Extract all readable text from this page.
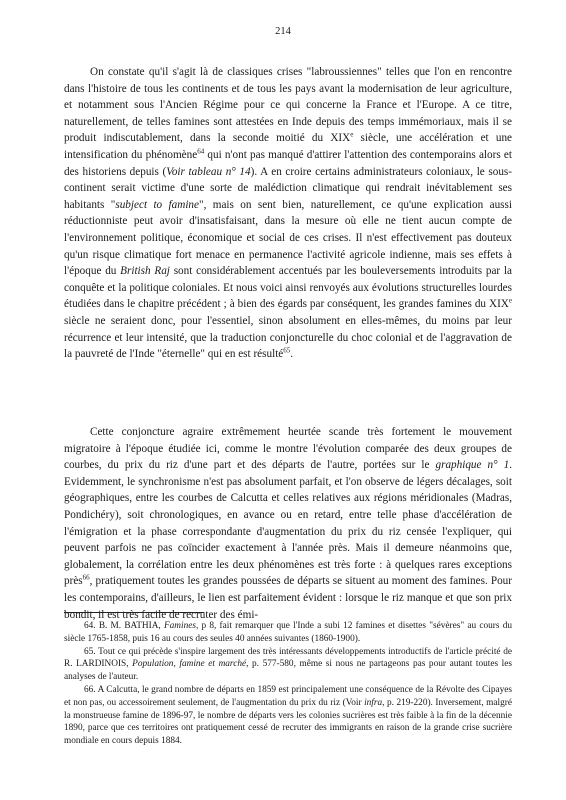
214

On constate qu'il s'agit là de classiques crises "labroussiennes" telles que l'on en rencontre dans l'histoire de tous les continents et de tous les pays avant la modernisation de leur agriculture, et notamment sous l'Ancien Régime pour ce qui concerne la France et l'Europe. A ce titre, naturellement, de telles famines sont attestées en Inde depuis des temps immémoriaux, mais il se produit indiscutablement, dans la seconde moitié du XIXe siècle, une accélération et une intensification du phénomène$^{64}$ qui n'ont pas manqué d'attirer l'attention des contemporains alors et des historiens depuis (Voir tableau n° 14). A en croire certains administrateurs coloniaux, le sous-continent serait victime d'une sorte de malédiction climatique qui rendrait inévitablement ses habitants "subject to famine", mais on sent bien, naturellement, ce qu'une explication aussi réductionniste peut avoir d'insatisfaisant, dans la mesure où elle ne tient aucun compte de l'environnement politique, économique et social de ces crises. Il n'est effectivement pas douteux qu'un risque climatique fort menace en permanence l'activité agricole indienne, mais ses effets à l'époque du British Raj sont considérablement accentués par les bouleversements introduits par la conquête et la politique coloniales. Et nous voici ainsi renvoyés aux évolutions structurelles lourdes étudiées dans le chapitre précédent ; à bien des égards par conséquent, les grandes famines du XIXe siècle ne seraient donc, pour l'essentiel, sinon absolument en elles-mêmes, du moins par leur récurrence et leur intensité, que la traduction conjoncturelle du choc colonial et de l'aggravation de la pauvreté de l'Inde "éternelle" qui en est résulté$^{65}$.

Cette conjoncture agraire extrêmement heurtée scande très fortement le mouvement migratoire à l'époque étudiée ici, comme le montre l'évolution comparée des deux groupes de courbes, du prix du riz d'une part et des départs de l'autre, portées sur le graphique n° 1. Evidemment, le synchronisme n'est pas absolument parfait, et l'on observe de légers décalages, soit géographiques, entre les courbes de Calcutta et celles relatives aux régions méridionales (Madras, Pondichéry), soit chronologiques, en avance ou en retard, entre telle phase d'accélération de l'émigration et la phase correspondante d'augmentation du prix du riz censée l'expliquer, qui peuvent parfois ne pas coïncider exactement à l'année près. Mais il demeure néanmoins que, globalement, la corrélation entre les deux phénomènes est très forte : à quelques rares exceptions près$^{66}$, pratiquement toutes les grandes poussées de départs se situent au moment des famines. Pour les contemporains, d'ailleurs, le lien est parfaitement évident : lorsque le riz manque et que son prix bondit, il est très facile de recruter des émi-

64. B. M. BATHIA, Famines, p 8, fait remarquer que l'Inde a subi 12 famines et disettes "sévères" au cours du siècle 1765-1858, puis 16 au cours des seules 40 années suivantes (1860-1900).

65. Tout ce qui précède s'inspire largement des très intéressants développements introductifs de l'article précité de R. LARDINOIS, Population, famine et marché, p. 577-580, même si nous ne partageons pas pour autant toutes les analyses de l'auteur.

66. A Calcutta, le grand nombre de départs en 1859 est principalement une conséquence de la Révolte des Cipayes et non pas, ou accessoirement seulement, de l'augmentation du prix du riz (Voir infra, p. 219-220). Inversement, malgré la monstrueuse famine de 1896-97, le nombre de départs vers les colonies sucrières est très faible à la fin de la décennie 1890, parce que ces territoires ont pratiquement cessé de recruter des immigrants en raison de la grande crise sucrière mondiale en cours depuis 1884.
